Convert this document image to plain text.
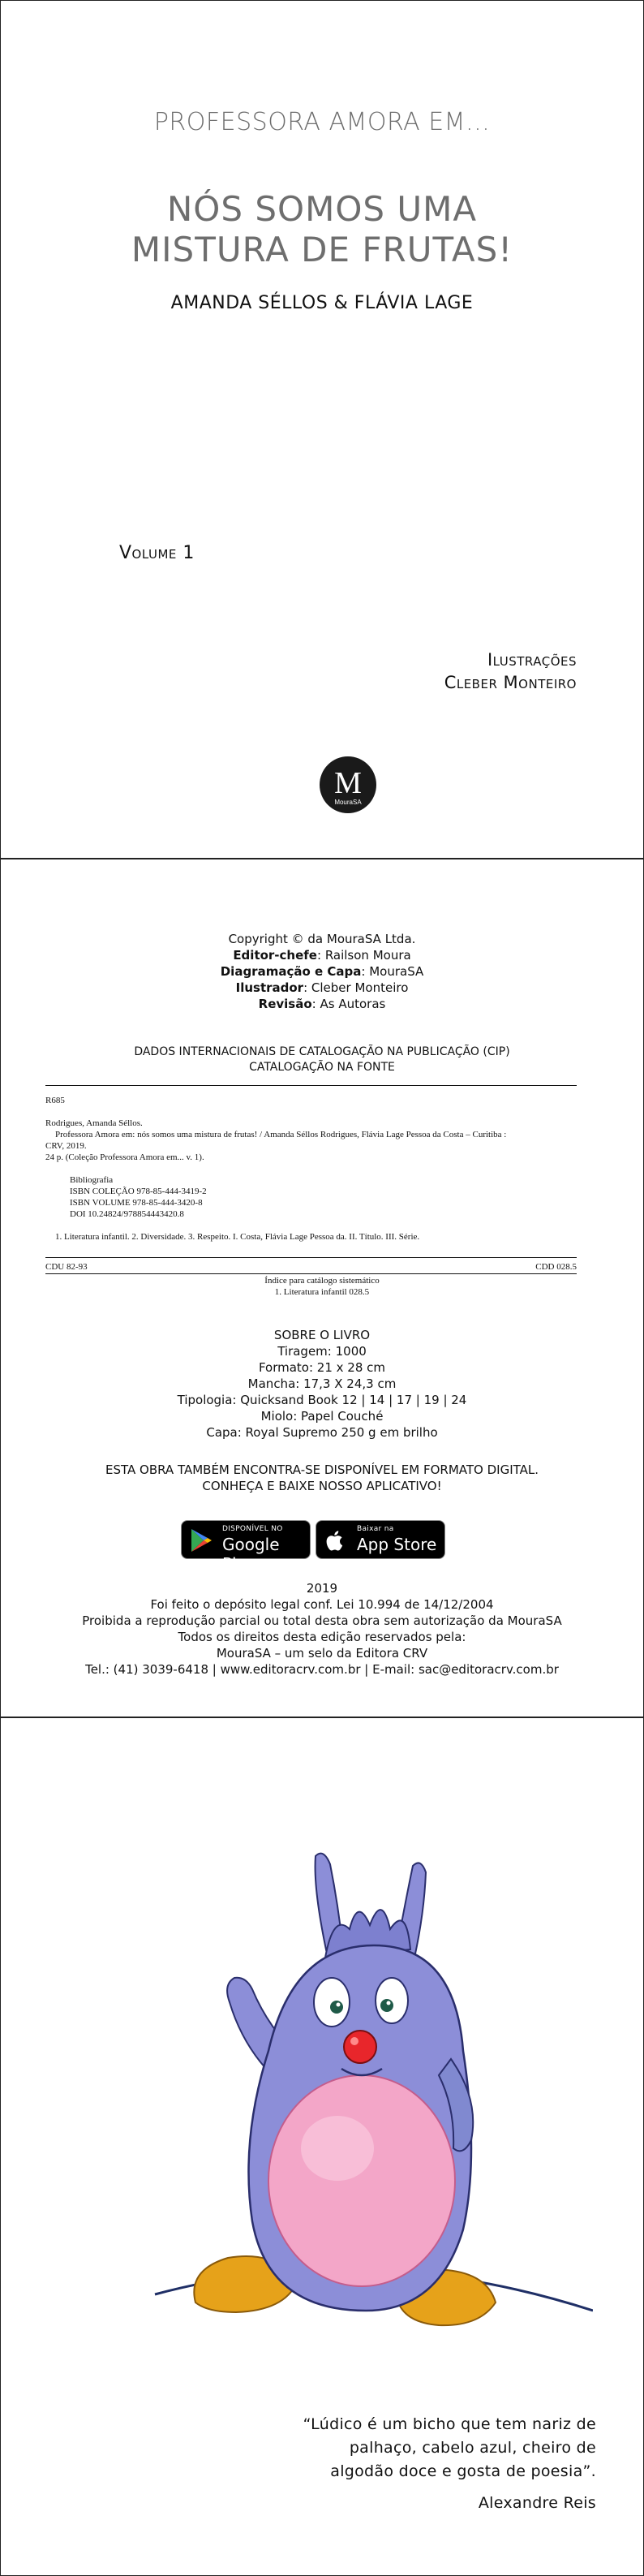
PROFESSORA AMORA EM...
NÓS SOMOS UMA
MISTURA DE FRUTAS!
AMANDA SÉLLOS & FLÁVIA LAGE
Volume 1
Ilustrações
Cleber Monteiro
M
MouraSA
Copyright © da MouraSA Ltda.
Editor-chefe: Railson Moura
Diagramação e Capa: MouraSA
Ilustrador: Cleber Monteiro
Revisão: As Autoras
DADOS INTERNACIONAIS DE CATALOGAÇÃO NA PUBLICAÇÃO (CIP)
CATALOGAÇÃO NA FONTE
R685
Rodrigues, Amanda Séllos.
Professora Amora em: nós somos uma mistura de frutas! / Amanda Séllos Rodrigues, Flávia Lage Pessoa da Costa – Curitiba :
CRV, 2019.
24 p. (Coleção Professora Amora em... v. 1).
Bibliografia
ISBN COLEÇÃO 978-85-444-3419-2
ISBN VOLUME 978-85-444-3420-8
DOI 10.24824/978854443420.8
1. Literatura infantil. 2. Diversidade. 3. Respeito. I. Costa, Flávia Lage Pessoa da. II. Título. III. Série.
CDU 82-93	CDD 028.5
Índice para catálogo sistemático
1. Literatura infantil 028.5
SOBRE O LIVRO
Tiragem: 1000
Formato: 21 x 28 cm
Mancha: 17,3 X 24,3 cm
Tipologia: Quicksand Book 12 | 14 | 17 | 19 | 24
Miolo: Papel Couché
Capa: Royal Supremo 250 g em brilho
ESTA OBRA TAMBÉM ENCONTRA-SE DISPONÍVEL EM FORMATO DIGITAL.
CONHEÇA E BAIXE NOSSO APLICATIVO!
DISPONÍVEL NO
Google Play
Baixar na
App Store
2019
Foi feito o depósito legal conf. Lei 10.994 de 14/12/2004
Proibida a reprodução parcial ou total desta obra sem autorização da MouraSA
Todos os direitos desta edição reservados pela:
MouraSA – um selo da Editora CRV
Tel.: (41) 3039-6418 | www.editoracrv.com.br | E-mail: sac@editoracrv.com.br
“Lúdico é um bicho que tem nariz de
palhaço, cabelo azul, cheiro de
algodão doce e gosta de poesia”.
Alexandre Reis
